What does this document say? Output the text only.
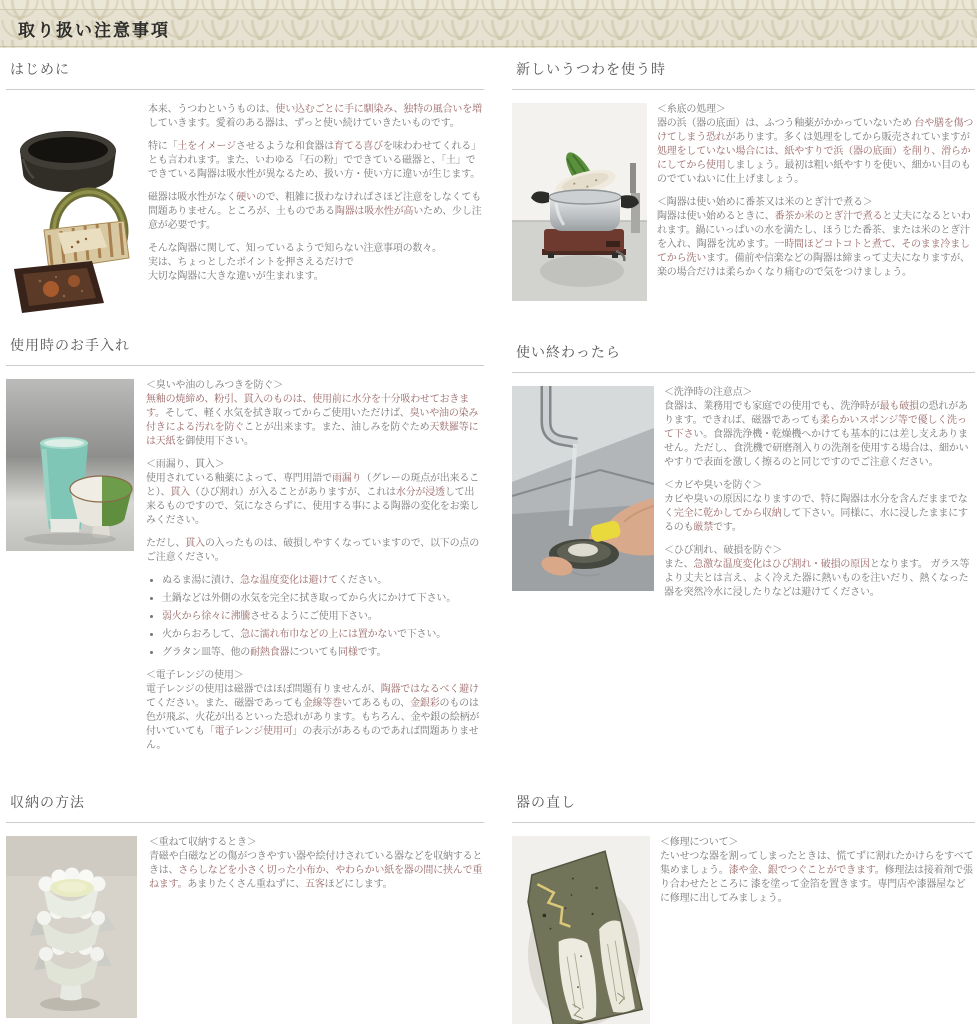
取り扱い注意事項
はじめに

本来、うつわというものは、使い込むごとに手に馴染み、独特の風合いを増していきます。愛着のある器は、ずっと使い続けていきたいものです。

特に「土をイメージさせるような和食器は育てる喜びを味わわせてくれる」とも言われます。また、いわゆる「石の粉」でできている磁器と、「土」でできている陶器は吸水性が異なるため、扱い方・使い方に違いが生じます。

磁器は吸水性がなく硬いので、粗雑に扱わなければさほど注意をしなくても問題ありません。ところが、土ものである陶器は吸水性が高いため、少し注意が必要です。

そんな陶器に関して、知っているようで知らない注意事項の数々。
実は、ちょっとしたポイントを押さえるだけで
大切な陶器に大きな違いが生まれます。

新しいうつわを使う時

＜糸底の処理＞

器の浜（器の底面）は、ふつう釉薬がかかっていないため 台や膳を傷つけてしまう恐れがあります。多くは処理をしてから販売されていますが 処理をしていない場合には、紙やすりで浜（器の底面）を削り、滑らかにしてから使用しましょう。最初は粗い紙やすりを使い、細かい目のものでていねいに仕上げましょう。

＜陶器は使い始めに番茶又は米のとぎ汁で煮る＞

陶器は使い始めるときに、番茶か米のとぎ汁で煮ると丈夫になるといわれます。鍋にいっぱいの水を満たし、ほうじた番茶、または米のとぎ汁を入れ、陶器を沈めます。一時間ほどコトコトと煮て、そのまま冷ましてから洗います。備前や信楽などの陶器は締まって丈夫になりますが、楽の場合だけは柔らかくなり痛むので気をつけましょう。

使用時のお手入れ

＜臭いや油のしみつきを防ぐ＞

無釉の焼締め、粉引、貫入のものは、使用前に水分を十分吸わせておきます。そして、軽く水気を拭き取ってからご使用いただけば、臭いや油の染み付きによる汚れを防ぐことが出来ます。また、油しみを防ぐため天麩羅等には天紙を御使用下さい。

＜雨漏り、貫入＞

使用されている釉薬によって、専門用語で雨漏り（グレーの斑点が出来ること）、貫入（ひび割れ）が入ることがありますが、これは水分が浸透して出来るものですので、気になさらずに、使用する事による陶器の変化をお楽しみください。

ただし、貫入の入ったものは、破損しやすくなっていますので、以下の点のご注意ください。

• ぬるま湯に漬け、急な温度変化は避けてください。
• 土鍋などは外側の水気を完全に拭き取ってから火にかけて下さい。
• 弱火から徐々に沸騰させるようにご使用下さい。
• 火からおろして、急に濡れ布巾などの上には置かないで下さい。
• グラタン皿等、他の耐熱食器についても同様です。

＜電子レンジの使用＞

電子レンジの使用は磁器ではほぼ問題有りませんが、陶器ではなるべく避けてください。また、磁器であっても金線等巻いてあるもの、金銀彩のものは色が飛ぶ、火花が出るといった恐れがあります。もちろん、金や銀の絵柄が付いていても「電子レンジ使用可」の表示があるものであれば問題ありません。

使い終わったら

＜洗浄時の注意点＞

食器は、業務用でも家庭での使用でも、洗浄時が最も破損の恐れがあります。できれば、磁器であっても柔らかいスポンジ等で優しく洗って下さい。食器洗浄機・乾燥機へかけても基本的には差し支えありません。ただし、食洗機で研磨剤入りの洗剤を使用する場合は、細かいやすりで表面を激しく擦るのと同じですのでご注意ください。

＜カビや臭いを防ぐ＞

カビや臭いの原因になりますので、特に陶器は水分を含んだままでなく完全に乾かしてから収納して下さい。同様に、水に浸したままにするのも厳禁です。

＜ひび割れ、破損を防ぐ＞

また、急激な温度変化はひび割れ・破損の原因となります。 ガラス等より丈夫とは言え、よく冷えた器に熱いものを注いだり、熱くなった器を突然冷水に浸したりなどは避けてください。

収納の方法

＜重ねて収納するとき＞

青磁や白磁などの傷がつきやすい器や絵付けされている器などを収納するときは、さらしなどを小さく切った小布か、やわらかい紙を器の間に挟んで重ねます。あまりたくさん重ねずに、五客ほどにします。

器の直し

＜修理について＞

たいせつな器を割ってしまったときは、慌てずに割れたかけらをすべて集めましょう。漆や金、銀でつぐことができます。修理法は接着剤で張り合わせたところに 漆を塗って金箔を置きます。専門店や漆器屋などに修理に出してみましょう。
